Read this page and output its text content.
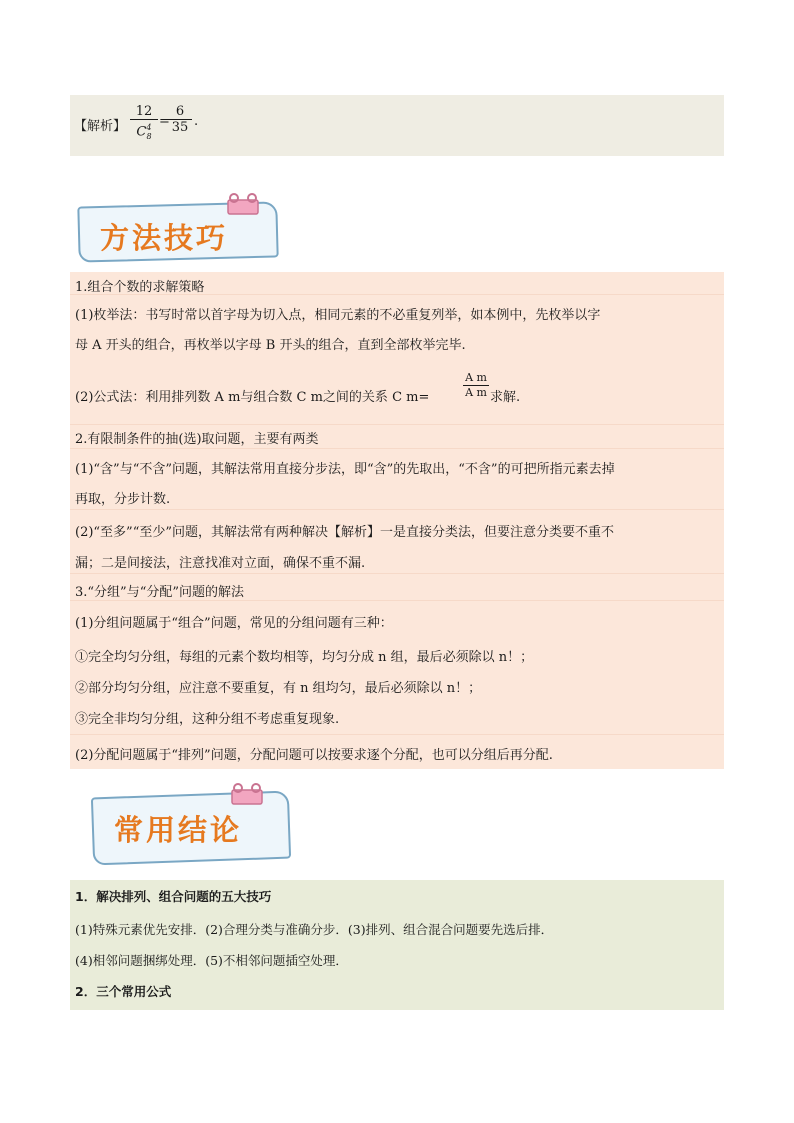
【解析】
12
$C^4_8$
=
6
35 .
方法技巧
1.组合个数的求解策略
(1)枚举法：书写时常以首字母为切入点，相同元素的不必重复列举，如本例中，先枚举以字
母 A 开头的组合，再枚举以字母 B 开头的组合，直到全部枚举完毕.
(2)公式法：利用排列数 A m与组合数 C m之间的关系 C m=
A m
A m 求解.
2.有限制条件的抽(选)取问题，主要有两类
(1)“含”与“不含”问题，其解法常用直接分步法，即“含”的先取出，“不含”的可把所指元素去掉
再取，分步计数.
(2)“至多”“至少”问题，其解法常有两种解决【解析】一是直接分类法，但要注意分类要不重不
漏；二是间接法，注意找准对立面，确保不重不漏.
3.“分组”与“分配”问题的解法
(1)分组问题属于“组合”问题，常见的分组问题有三种：
①完全均匀分组，每组的元素个数均相等，均匀分成 n 组，最后必须除以 n！；
②部分均匀分组，应注意不要重复，有 n 组均匀，最后必须除以 n！；
③完全非均匀分组，这种分组不考虑重复现象.
(2)分配问题属于“排列”问题，分配问题可以按要求逐个分配，也可以分组后再分配.
常用结论
1．解决排列、组合问题的五大技巧
(1)特殊元素优先安排．(2)合理分类与准确分步．(3)排列、组合混合问题要先选后排．
(4)相邻问题捆绑处理．(5)不相邻问题插空处理．
2．三个常用公式
